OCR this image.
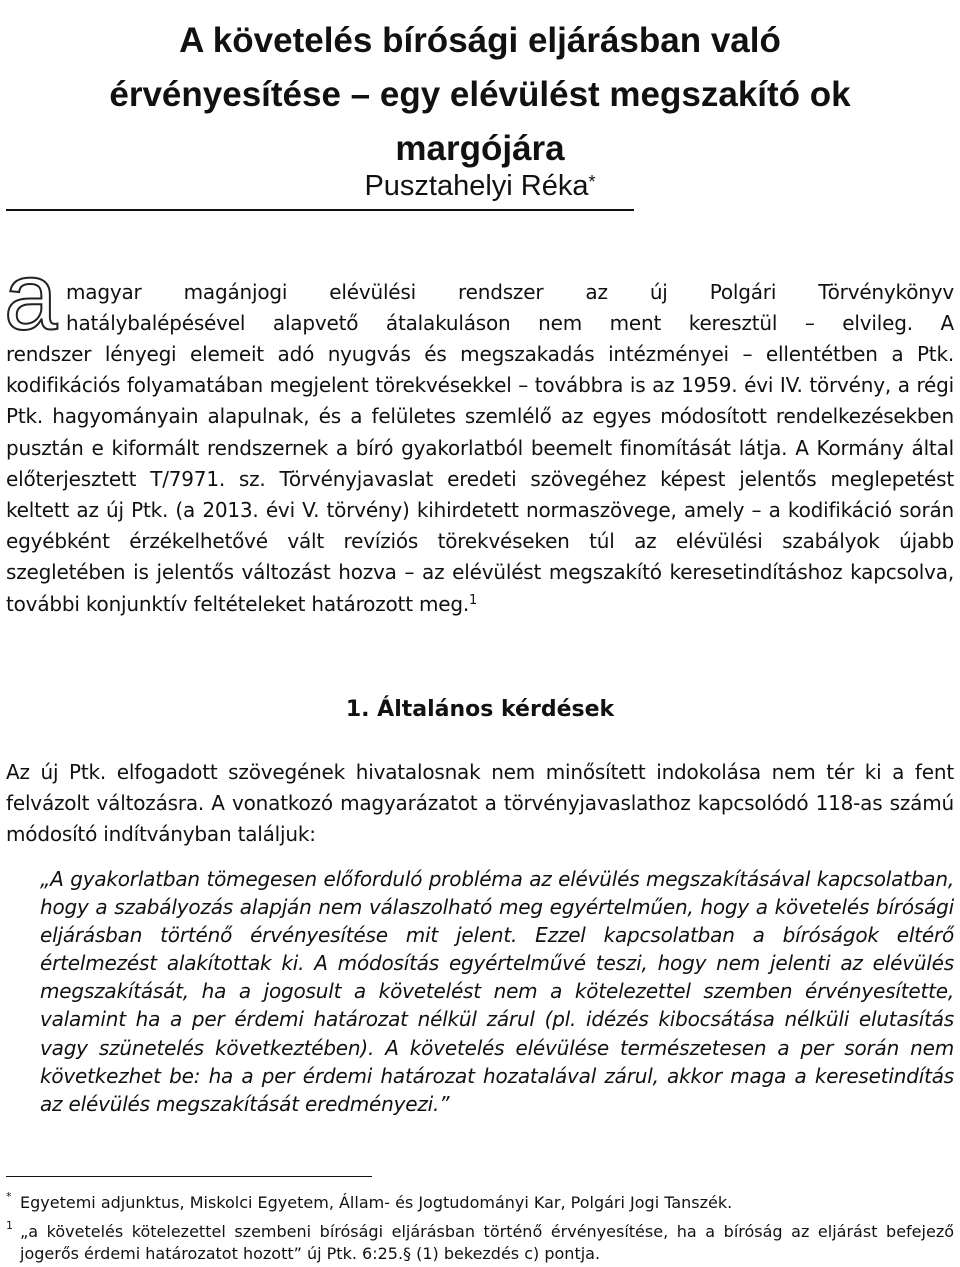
A követelés bírósági eljárásban való
érvényesítése – egy elévülést megszakító ok
margójára
Pusztahelyi Réka*
a magyar magánjogi elévülési rendszer az új Polgári Törvénykönyv
hatálybalépésével alapvető átalakuláson nem ment keresztül – elvileg. A
rendszer lényegi elemeit adó nyugvás és megszakadás intézményei – ellentétben a Ptk. kodifikációs folyamatában megjelent törekvésekkel – továbbra is az 1959. évi IV. törvény, a régi Ptk. hagyományain alapulnak, és a felületes szemlélő az egyes módosított rendelkezésekben pusztán e kiformált rendszernek a bíró gyakorlatból beemelt finomítását látja. A Kormány által előterjesztett T/7971. sz. Törvényjavaslat eredeti szövegéhez képest jelentős meglepetést keltett az új Ptk. (a 2013. évi V. törvény) kihirdetett normaszövege, amely – a kodifikáció során egyébként érzékelhetővé vált revíziós törekvéseken túl az elévülési szabályok újabb szegletében is jelentős változást hozva – az elévülést megszakító keresetindításhoz kapcsolva, további konjunktív feltételeket határozott meg.$^1$
1. Általános kérdések
Az új Ptk. elfogadott szövegének hivatalosnak nem minősített indokolása nem tér ki a fent felvázolt változásra. A vonatkozó magyarázatot a törvényjavaslathoz kapcsolódó 118-as számú módosító indítványban találjuk:
„A gyakorlatban tömegesen előforduló probléma az elévülés megszakításával kapcsolatban, hogy a szabályozás alapján nem válaszolható meg egyértelműen, hogy a követelés bírósági eljárásban történő érvényesítése mit jelent. Ezzel kapcsolatban a bíróságok eltérő értelmezést alakítottak ki. A módosítás egyértelművé teszi, hogy nem jelenti az elévülés megszakítását, ha a jogosult a követelést nem a kötelezettel szemben érvényesítette, valamint ha a per érdemi határozat nélkül zárul (pl. idézés kibocsátása nélküli elutasítás vagy szünetelés következtében). A követelés elévülése természetesen a per során nem következhet be: ha a per érdemi határozat hozatalával zárul, akkor maga a keresetindítás az elévülés megszakítását eredményezi.”
* Egyetemi adjunktus, Miskolci Egyetem, Állam- és Jogtudományi Kar, Polgári Jogi Tanszék.
1 „a követelés kötelezettel szembeni bírósági eljárásban történő érvényesítése, ha a bíróság az eljárást befejező jogerős érdemi határozatot hozott” új Ptk. 6:25.§ (1) bekezdés c) pontja.
